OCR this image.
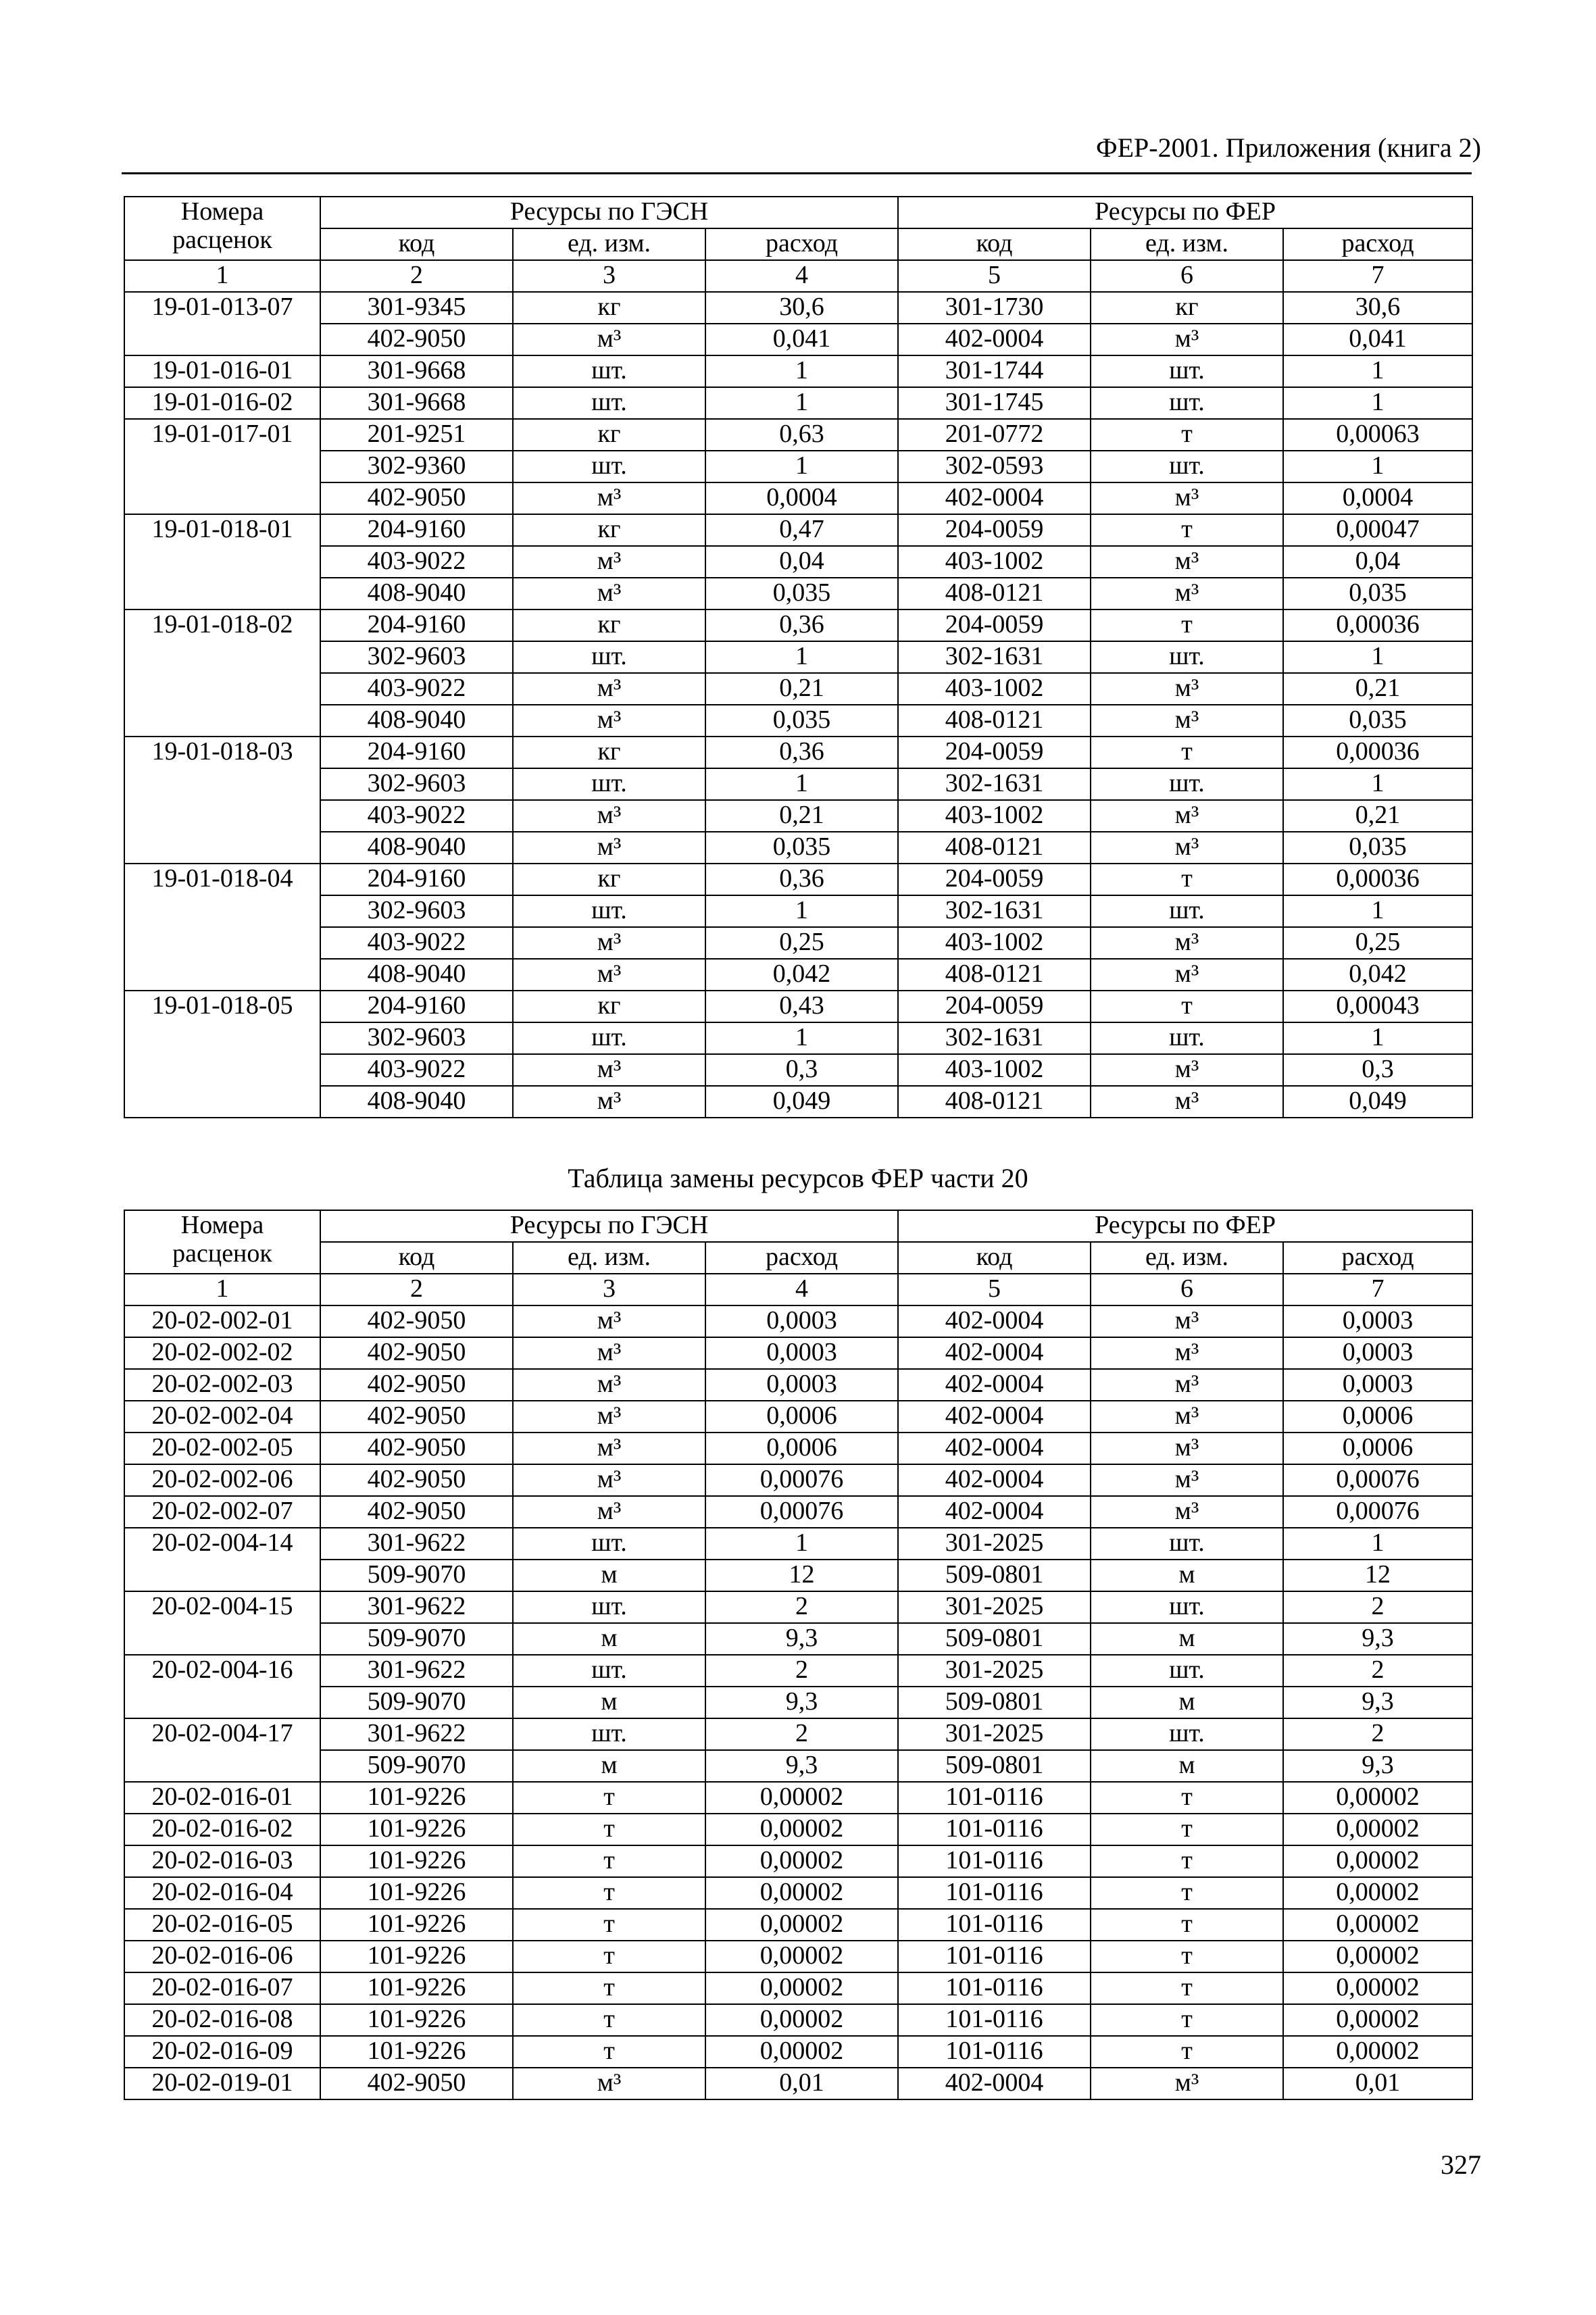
ФЕР-2001. Приложения (книга 2)
Номера
расценок	Ресурсы по ГЭСН			Ресурсы по ФЕР		
	код	ед. изм.	расход	код	ед. изм.	расход
1	2	3	4	5	6	7
19-01-013-07	301-9345	кг	30,6	301-1730	кг	30,6
	402-9050	м³	0,041	402-0004	м³	0,041
19-01-016-01	301-9668	шт.	1	301-1744	шт.	1
19-01-016-02	301-9668	шт.	1	301-1745	шт.	1
19-01-017-01	201-9251	кг	0,63	201-0772	т	0,00063
	302-9360	шт.	1	302-0593	шт.	1
	402-9050	м³	0,0004	402-0004	м³	0,0004
19-01-018-01	204-9160	кг	0,47	204-0059	т	0,00047
	403-9022	м³	0,04	403-1002	м³	0,04
	408-9040	м³	0,035	408-0121	м³	0,035
19-01-018-02	204-9160	кг	0,36	204-0059	т	0,00036
	302-9603	шт.	1	302-1631	шт.	1
	403-9022	м³	0,21	403-1002	м³	0,21
	408-9040	м³	0,035	408-0121	м³	0,035
19-01-018-03	204-9160	кг	0,36	204-0059	т	0,00036
	302-9603	шт.	1	302-1631	шт.	1
	403-9022	м³	0,21	403-1002	м³	0,21
	408-9040	м³	0,035	408-0121	м³	0,035
19-01-018-04	204-9160	кг	0,36	204-0059	т	0,00036
	302-9603	шт.	1	302-1631	шт.	1
	403-9022	м³	0,25	403-1002	м³	0,25
	408-9040	м³	0,042	408-0121	м³	0,042
19-01-018-05	204-9160	кг	0,43	204-0059	т	0,00043
	302-9603	шт.	1	302-1631	шт.	1
	403-9022	м³	0,3	403-1002	м³	0,3
	408-9040	м³	0,049	408-0121	м³	0,049
Таблица замены ресурсов ФЕР части 20
Номера
расценок	Ресурсы по ГЭСН			Ресурсы по ФЕР		
	код	ед. изм.	расход	код	ед. изм.	расход
1	2	3	4	5	6	7
20-02-002-01	402-9050	м³	0,0003	402-0004	м³	0,0003
20-02-002-02	402-9050	м³	0,0003	402-0004	м³	0,0003
20-02-002-03	402-9050	м³	0,0003	402-0004	м³	0,0003
20-02-002-04	402-9050	м³	0,0006	402-0004	м³	0,0006
20-02-002-05	402-9050	м³	0,0006	402-0004	м³	0,0006
20-02-002-06	402-9050	м³	0,00076	402-0004	м³	0,00076
20-02-002-07	402-9050	м³	0,00076	402-0004	м³	0,00076
20-02-004-14	301-9622	шт.	1	301-2025	шт.	1
	509-9070	м	12	509-0801	м	12
20-02-004-15	301-9622	шт.	2	301-2025	шт.	2
	509-9070	м	9,3	509-0801	м	9,3
20-02-004-16	301-9622	шт.	2	301-2025	шт.	2
	509-9070	м	9,3	509-0801	м	9,3
20-02-004-17	301-9622	шт.	2	301-2025	шт.	2
	509-9070	м	9,3	509-0801	м	9,3
20-02-016-01	101-9226	т	0,00002	101-0116	т	0,00002
20-02-016-02	101-9226	т	0,00002	101-0116	т	0,00002
20-02-016-03	101-9226	т	0,00002	101-0116	т	0,00002
20-02-016-04	101-9226	т	0,00002	101-0116	т	0,00002
20-02-016-05	101-9226	т	0,00002	101-0116	т	0,00002
20-02-016-06	101-9226	т	0,00002	101-0116	т	0,00002
20-02-016-07	101-9226	т	0,00002	101-0116	т	0,00002
20-02-016-08	101-9226	т	0,00002	101-0116	т	0,00002
20-02-016-09	101-9226	т	0,00002	101-0116	т	0,00002
20-02-019-01	402-9050	м³	0,01	402-0004	м³	0,01
327
